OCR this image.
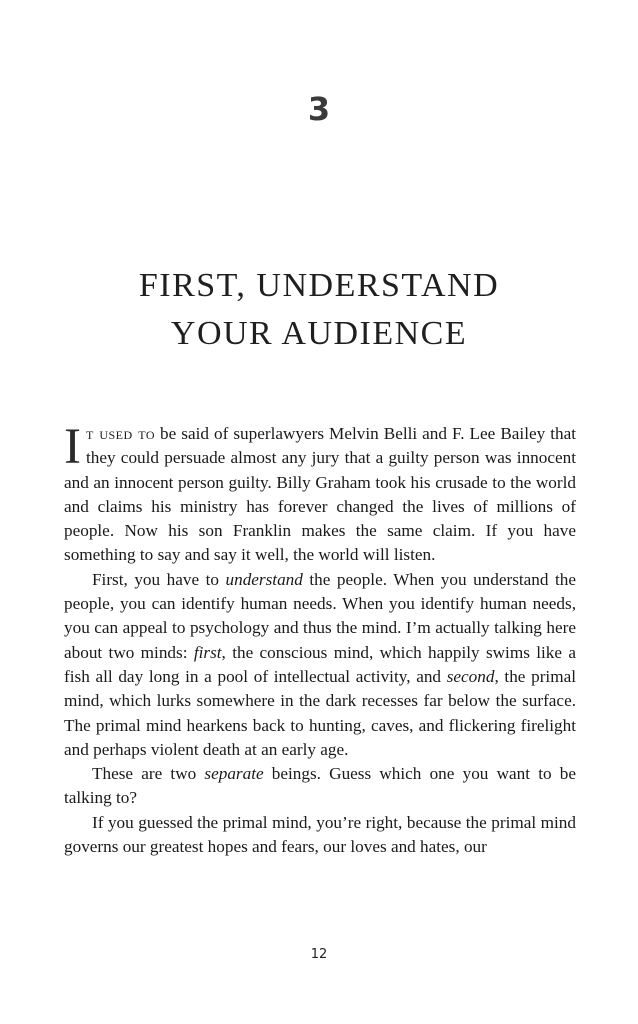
3
FIRST, UNDERSTAND
YOUR AUDIENCE

It used to be said of superlawyers Melvin Belli and F. Lee Bailey that they could persuade almost any jury that a guilty person was innocent and an innocent person guilty. Billy Graham took his crusade to the world and claims his ministry has forever changed the lives of millions of people. Now his son Franklin makes the same claim. If you have something to say and say it well, the world will listen.

First, you have to understand the people. When you understand the people, you can identify human needs. When you identify human needs, you can appeal to psychology and thus the mind. I’m actually talking here about two minds: first, the conscious mind, which happily swims like a fish all day long in a pool of intellectual activity, and second, the primal mind, which lurks somewhere in the dark recesses far below the surface. The primal mind hearkens back to hunting, caves, and flickering firelight and perhaps violent death at an early age.

These are two separate beings. Guess which one you want to be talking to?

If you guessed the primal mind, you’re right, because the primal mind governs our greatest hopes and fears, our loves and hates, our

12
